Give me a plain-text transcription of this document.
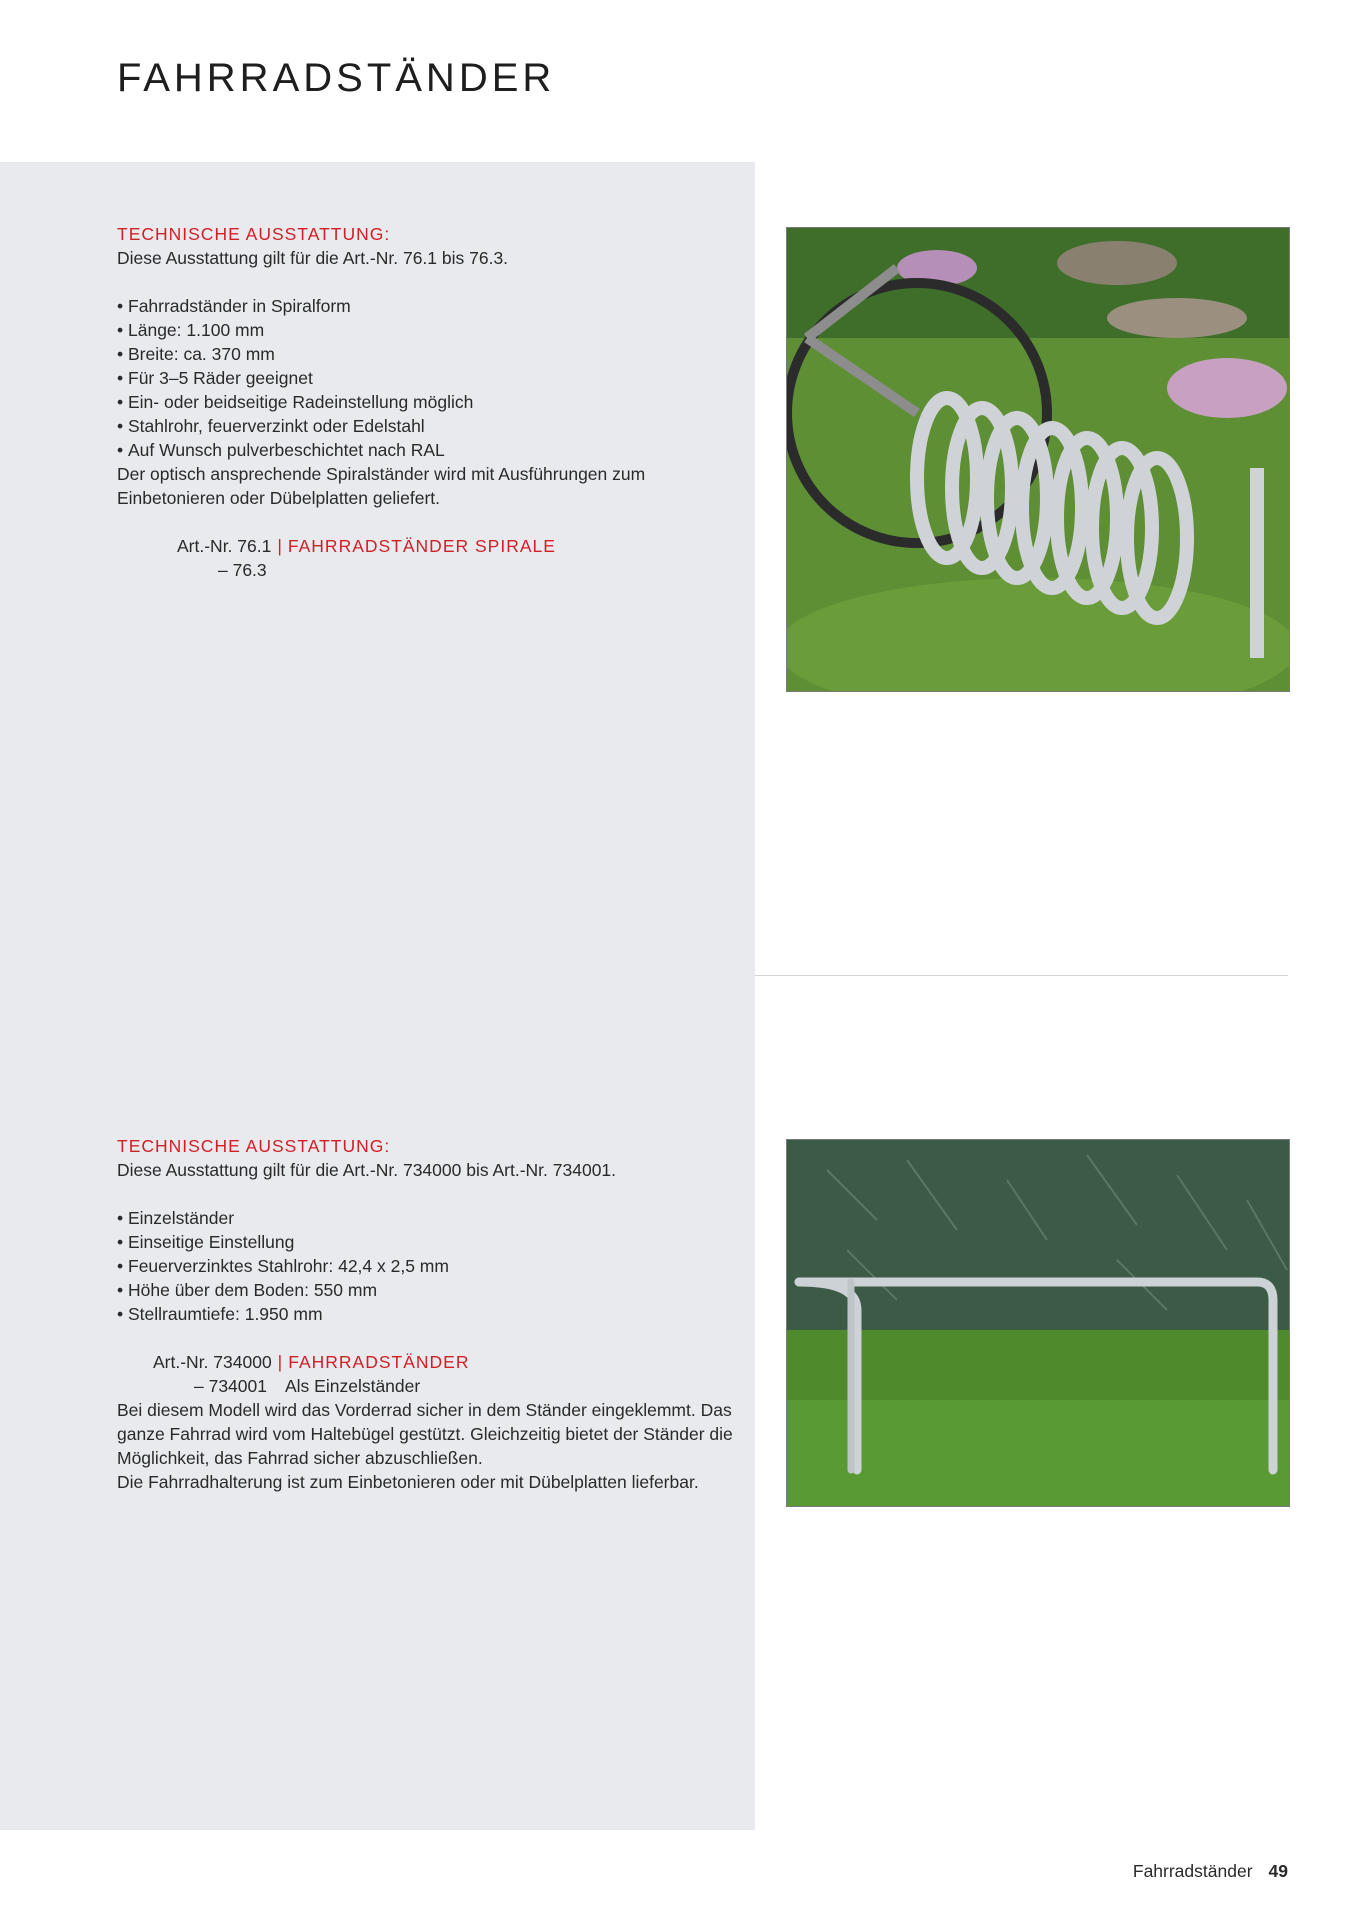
FAHRRADSTÄNDER

TECHNISCHE AUSSTATTUNG:

Diese Ausstattung gilt für die Art.-Nr. 76.1 bis 76.3.

• Fahrradständer in Spiralform
• Länge: 1.100 mm
• Breite: ca. 370 mm
• Für 3–5 Räder geeignet
• Ein- oder beidseitige Radeinstellung möglich
• Stahlrohr, feuerverzinkt oder Edelstahl
• Auf Wunsch pulverbeschichtet nach RAL

Der optisch ansprechende Spiralständer wird mit Ausführungen zum Einbetonieren oder Dübelplatten geliefert.

Art.-Nr. 76.1 | FAHRRADSTÄNDER SPIRALE
– 76.3

TECHNISCHE AUSSTATTUNG:

Diese Ausstattung gilt für die Art.-Nr. 734000 bis Art.-Nr. 734001.

• Einzelständer
• Einseitige Einstellung
• Feuerverzinktes Stahlrohr: 42,4 x 2,5 mm
• Höhe über dem Boden: 550 mm
• Stellraumtiefe: 1.950 mm
Art.-Nr. 734000 | FAHRRADSTÄNDER
– 734001 Als Einzelständer

Bei diesem Modell wird das Vorderrad sicher in dem Ständer eingeklemmt. Das ganze Fahrrad wird vom Haltebügel gestützt. Gleichzeitig bietet der Ständer die Möglichkeit, das Fahrrad sicher abzuschließen.

Die Fahrradhalterung ist zum Einbetonieren oder mit Dübelplatten lieferbar.

Fahrradständer 49
